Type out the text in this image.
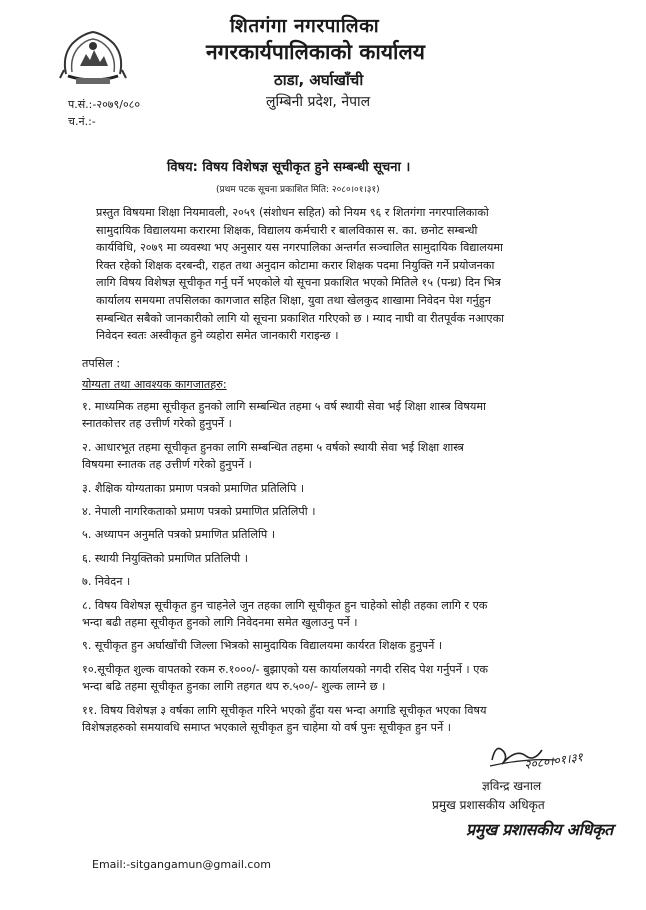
शितगंगा नगरपालिका
नगरकार्यपालिकाको कार्यालय
ठाडा, अर्घाखाँची
लुम्बिनी प्रदेश, नेपाल
प.सं.:-२०७९/०८०
च.नं.:-
विषय: विषय विशेषज्ञ सूचीकृत हुने सम्बन्धी सूचना ।
(प्रथम पटक सूचना प्रकाशित मिति: २०८०।०१।३१)
प्रस्तुत विषयमा शिक्षा नियमावली, २०५९ (संशोधन सहित) को नियम ९६ र शितगंगा नगरपालिकाको
सामुदायिक विद्यालयमा करारमा शिक्षक, विद्यालय कर्मचारी र बालविकास स. का. छनोट सम्बन्धी
कार्यविधि, २०७९ मा व्यवस्था भए अनुसार यस नगरपालिका अन्तर्गत सञ्चालित सामुदायिक विद्यालयमा
रिक्त रहेको शिक्षक दरबन्दी, राहत तथा अनुदान कोटामा करार शिक्षक पदमा नियुक्ति गर्ने प्रयोजनका
लागि विषय विशेषज्ञ सूचीकृत गर्नु पर्ने भएकोले यो सूचना प्रकाशित भएको मितिले १५ (पन्ध्र) दिन भित्र
कार्यालय समयमा तपसिलका कागजात सहित शिक्षा, युवा तथा खेलकुद शाखामा निवेदन पेश गर्नुहुन
सम्बन्धित सबैको जानकारीको लागि यो सूचना प्रकाशित गरिएको छ । म्याद नाघी वा रीतपूर्वक नआएका
निवेदन स्वतः अस्वीकृत हुने व्यहोरा समेत जानकारी गराइन्छ ।
तपसिल :
योग्यता तथा आवश्यक कागजातहरु:
१. माध्यमिक तहमा सूचीकृत हुनको लागि सम्बन्धित तहमा ५ वर्ष स्थायी सेवा भई शिक्षा शास्त्र विषयमा
स्नातकोत्तर तह उत्तीर्ण गरेको हुनुपर्ने ।
२. आधारभूत तहमा सूचीकृत हुनका लागि सम्बन्धित तहमा ५ वर्षको स्थायी सेवा भई शिक्षा शास्त्र
विषयमा स्नातक तह उत्तीर्ण गरेको हुनुपर्ने ।
३. शैक्षिक योग्यताका प्रमाण पत्रको प्रमाणित प्रतिलिपि ।
४. नेपाली नागरिकताको प्रमाण पत्रको प्रमाणित प्रतिलिपी ।
५. अध्यापन अनुमति पत्रको प्रमाणित प्रतिलिपि ।
६. स्थायी नियुक्तिको प्रमाणित प्रतिलिपी ।
७. निवेदन ।
८. विषय विशेषज्ञ सूचीकृत हुन चाहनेले जुन तहका लागि सूचीकृत हुन चाहेको सोही तहका लागि र एक
भन्दा बढी तहमा सूचीकृत हुनको लागि निवेदनमा समेत खुलाउनु पर्ने ।
९. सूचीकृत हुन अर्घाखाँची जिल्ला भित्रको सामुदायिक विद्यालयमा कार्यरत शिक्षक हुनुपर्ने ।
१०.सूचीकृत शुल्क वापतको रकम रु.१०००/- बुझाएको यस कार्यालयको नगदी रसिद पेश गर्नुपर्ने । एक
भन्दा बढि तहमा सूचीकृत हुनका लागि तहगत थप रु.५००/- शुल्क लाग्ने छ ।
११. विषय विशेषज्ञ ३ वर्षका लागि सूचीकृत गरिने भएको हुँदा यस भन्दा अगाडि सूचीकृत भएका विषय
विशेषज्ञहरुको समयावधि समाप्त भएकाले सूचीकृत हुन चाहेमा यो वर्ष पुनः सूचीकृत हुन पर्ने ।
२०८०।०१।३१
ज्ञविन्द्र खनाल
प्रमुख प्रशासकीय अधिकृत
प्रमुख प्रशासकीय अधिकृत
Email:-sitgangamun@gmail.com
